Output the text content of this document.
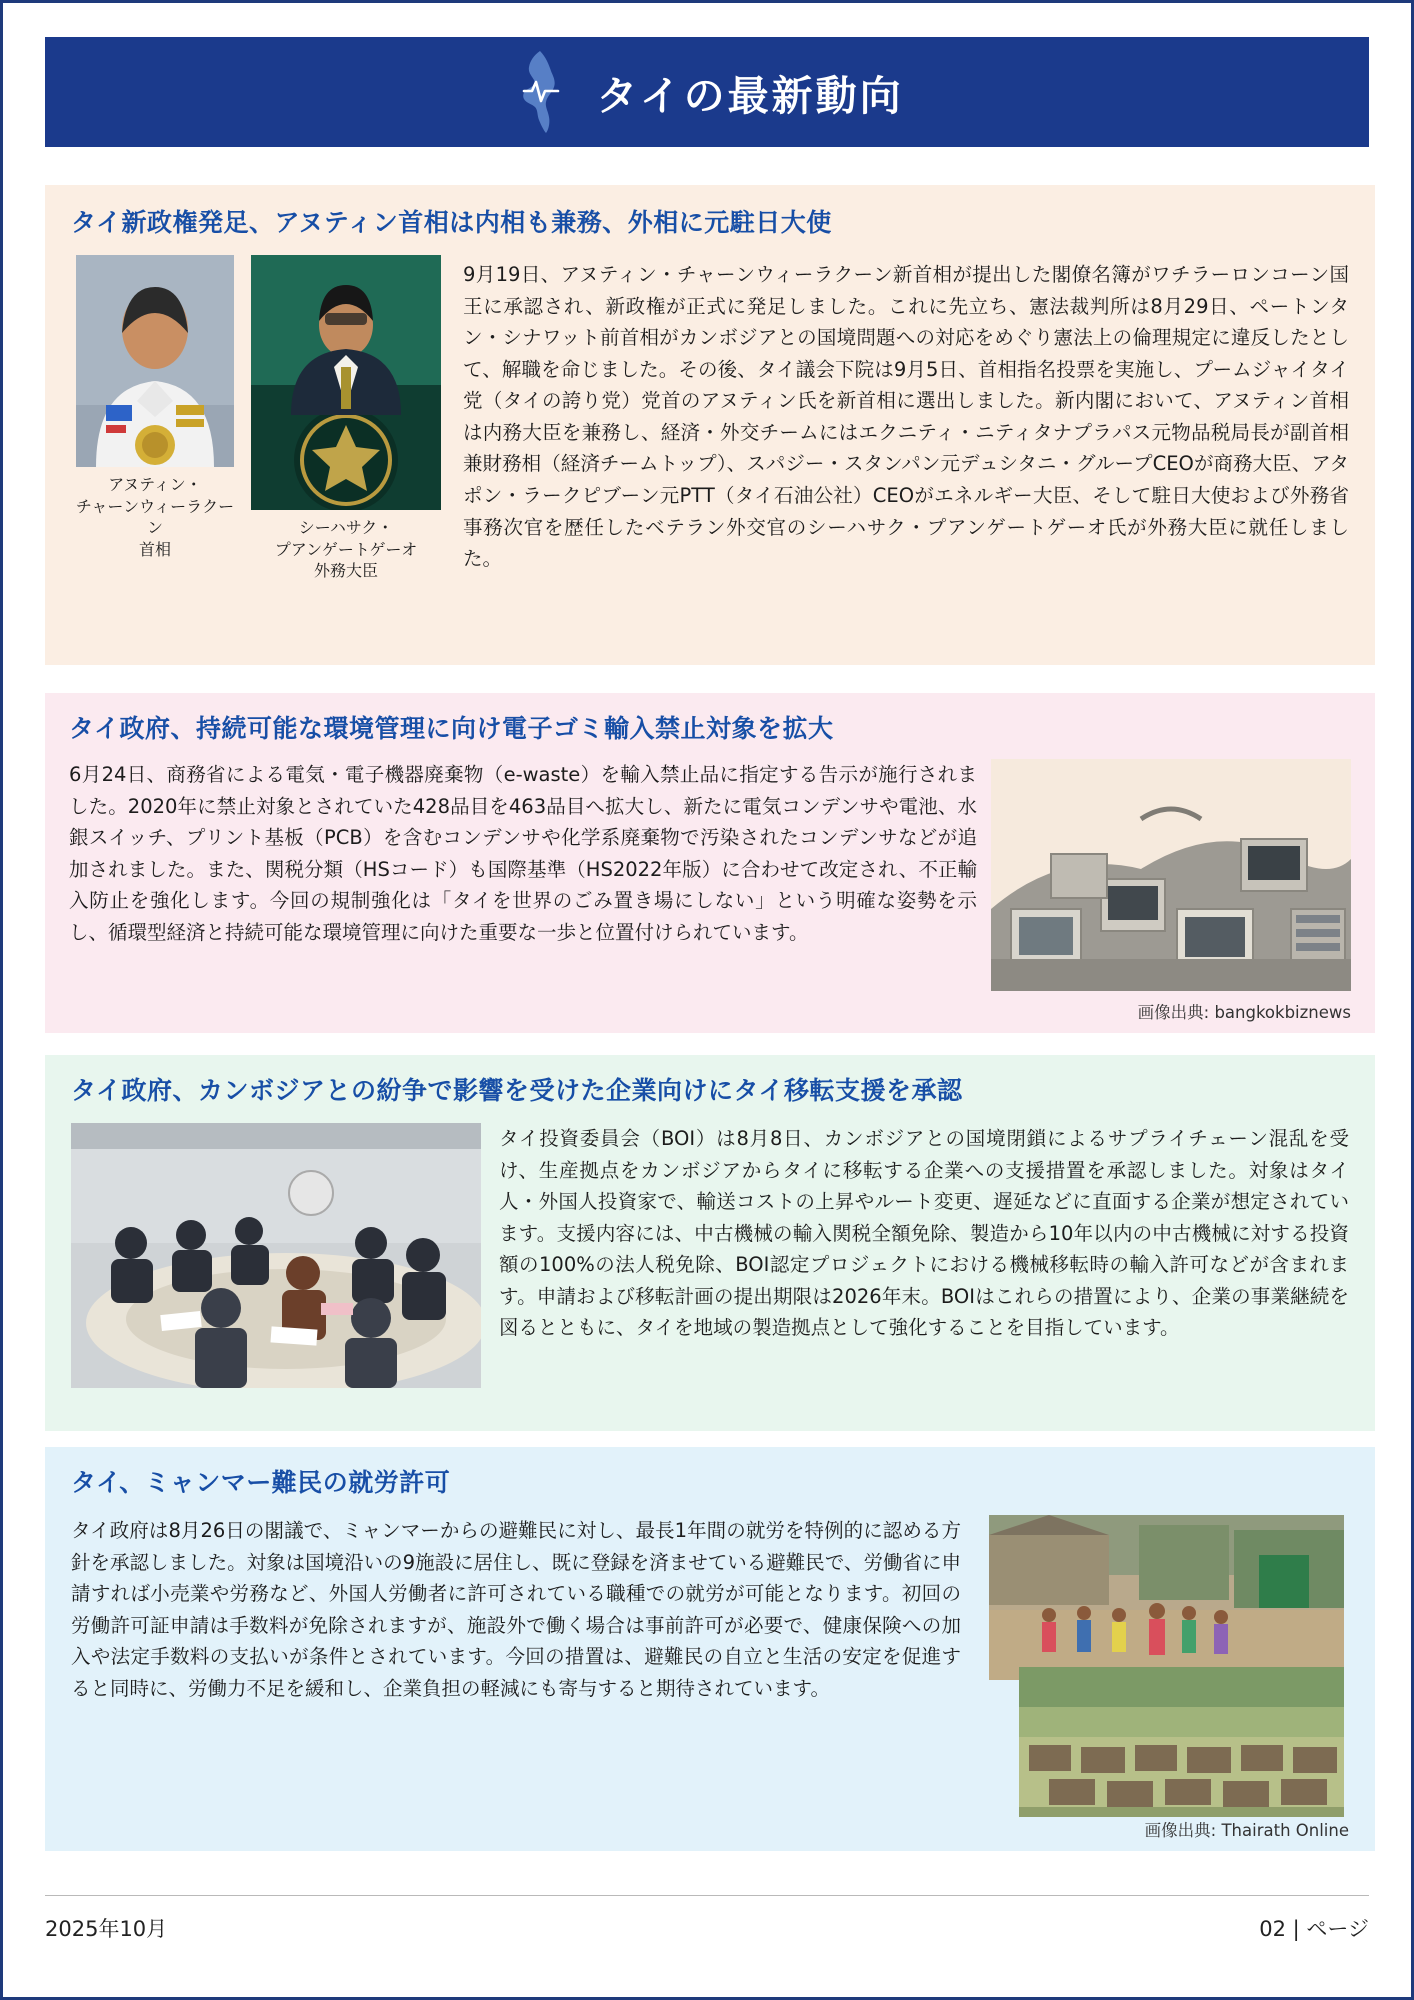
タイの最新動向
タイ新政権発足、アヌティン首相は内相も兼務、外相に元駐日大使
アヌティン・
チャーンウィーラクーン
首相
シーハサク・
プアンゲートゲーオ
外務大臣
9月19日、アヌティン・チャーンウィーラクーン新首相が提出した閣僚名簿がワチラーロンコーン国王に承認され、新政権が正式に発足しました。これに先立ち、憲法裁判所は8月29日、ペートンタン・シナワット前首相がカンボジアとの国境問題への対応をめぐり憲法上の倫理規定に違反したとして、解職を命じました。その後、タイ議会下院は9月5日、首相指名投票を実施し、プームジャイタイ党（タイの誇り党）党首のアヌティン氏を新首相に選出しました。新内閣において、アヌティン首相は内務大臣を兼務し、経済・外交チームにはエクニティ・ニティタナプラパス元物品税局長が副首相兼財務相（経済チームトップ）、スパジー・スタンパン元デュシタニ・グループCEOが商務大臣、アタポン・ラークピブーン元PTT（タイ石油公社）CEOがエネルギー大臣、そして駐日大使および外務省事務次官を歴任したベテラン外交官のシーハサク・プアンゲートゲーオ氏が外務大臣に就任しました。
タイ政府、持続可能な環境管理に向け電子ゴミ輸入禁止対象を拡大
6月24日、商務省による電気・電子機器廃棄物（e-waste）を輸入禁止品に指定する告示が施行されました。2020年に禁止対象とされていた428品目を463品目へ拡大し、新たに電気コンデンサや電池、水銀スイッチ、プリント基板（PCB）を含むコンデンサや化学系廃棄物で汚染されたコンデンサなどが追加されました。また、関税分類（HSコード）も国際基準（HS2022年版）に合わせて改定され、不正輸入防止を強化します。今回の規制強化は「タイを世界のごみ置き場にしない」という明確な姿勢を示し、循環型経済と持続可能な環境管理に向けた重要な一歩と位置付けられています。
画像出典: bangkokbiznews
タイ政府、カンボジアとの紛争で影響を受けた企業向けにタイ移転支援を承認
タイ投資委員会（BOI）は8月8日、カンボジアとの国境閉鎖によるサプライチェーン混乱を受け、生産拠点をカンボジアからタイに移転する企業への支援措置を承認しました。対象はタイ人・外国人投資家で、輸送コストの上昇やルート変更、遅延などに直面する企業が想定されています。支援内容には、中古機械の輸入関税全額免除、製造から10年以内の中古機械に対する投資額の100%の法人税免除、BOI認定プロジェクトにおける機械移転時の輸入許可などが含まれます。申請および移転計画の提出期限は2026年末。BOIはこれらの措置により、企業の事業継続を図るとともに、タイを地域の製造拠点として強化することを目指しています。
タイ、ミャンマー難民の就労許可
タイ政府は8月26日の閣議で、ミャンマーからの避難民に対し、最長1年間の就労を特例的に認める方針を承認しました。対象は国境沿いの9施設に居住し、既に登録を済ませている避難民で、労働省に申請すれば小売業や労務など、外国人労働者に許可されている職種での就労が可能となります。初回の労働許可証申請は手数料が免除されますが、施設外で働く場合は事前許可が必要で、健康保険への加入や法定手数料の支払いが条件とされています。今回の措置は、避難民の自立と生活の安定を促進すると同時に、労働力不足を緩和し、企業負担の軽減にも寄与すると期待されています。
画像出典: Thairath Online
2025年10月	02 | ページ
